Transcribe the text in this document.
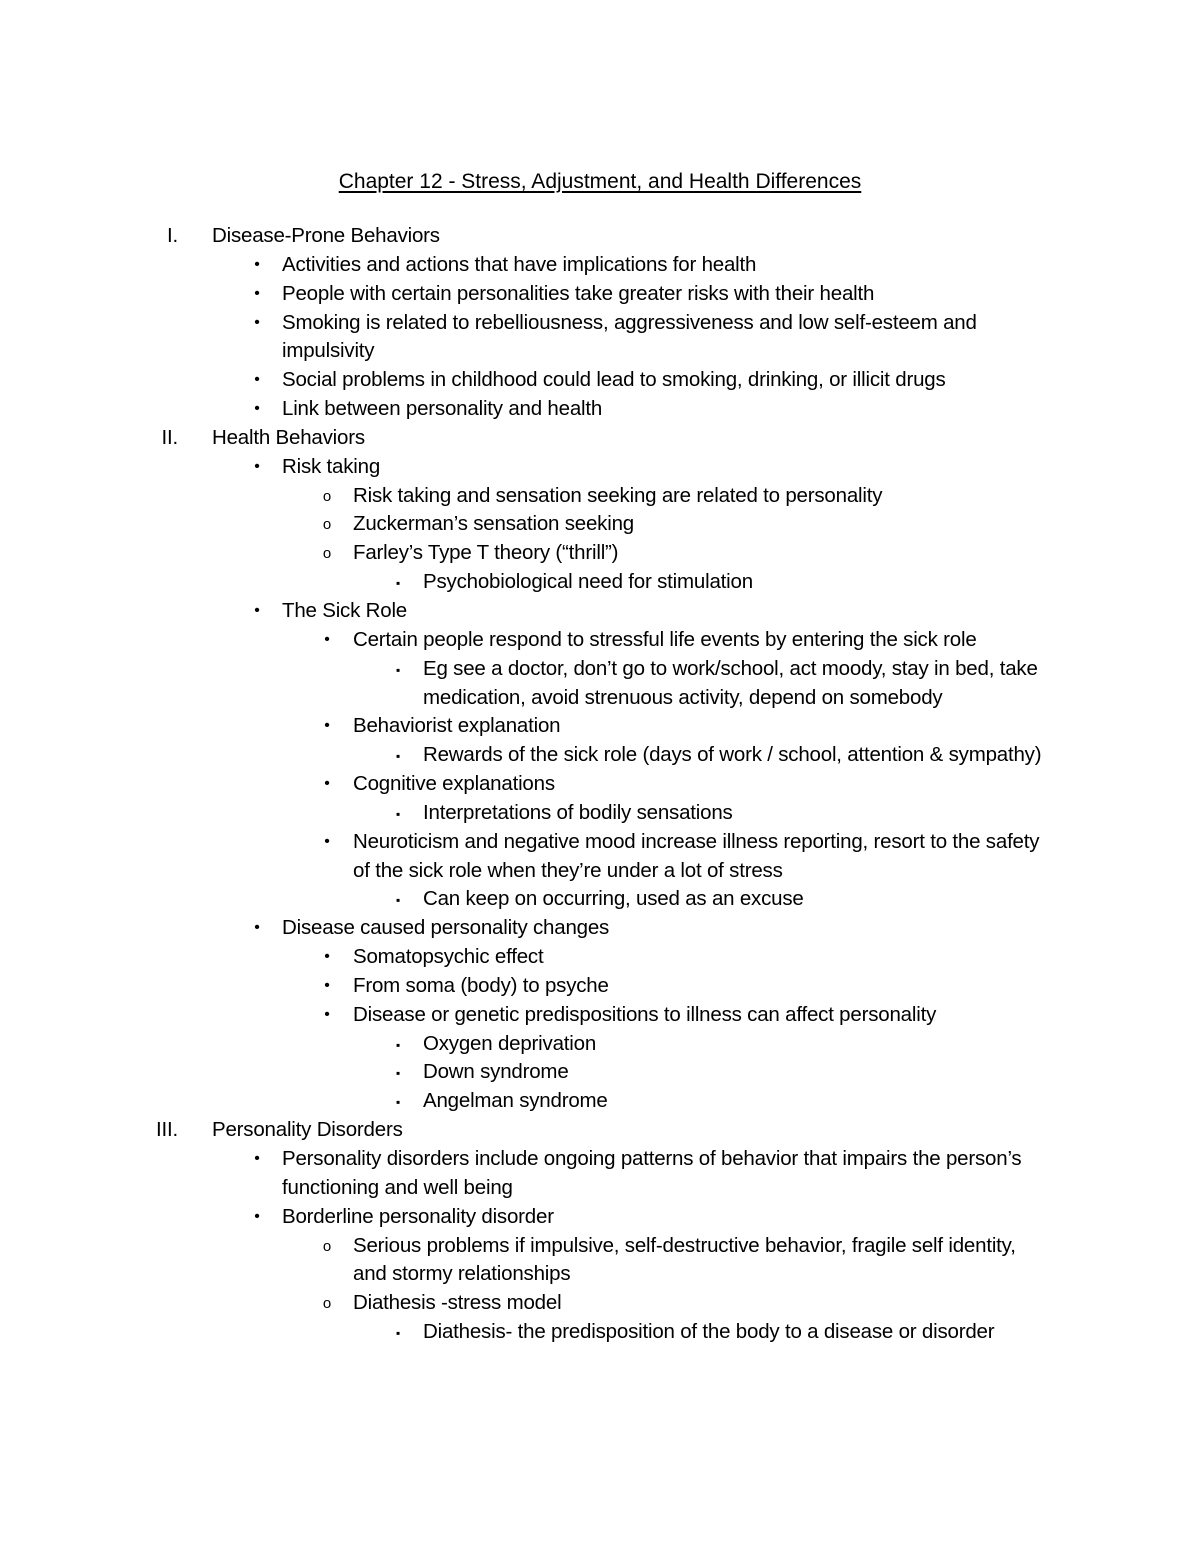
Chapter 12 - Stress, Adjustment, and Health Differences
I. Disease-Prone Behaviors
• Activities and actions that have implications for health
• People with certain personalities take greater risks with their health
• Smoking is related to rebelliousness, aggressiveness and low self-esteem and impulsivity
• Social problems in childhood could lead to smoking, drinking, or illicit drugs
• Link between personality and health
II. Health Behaviors
• Risk taking
o Risk taking and sensation seeking are related to personality
o Zuckerman’s sensation seeking
o Farley’s Type T theory (“thrill”)
▪ Psychobiological need for stimulation
• The Sick Role
• Certain people respond to stressful life events by entering the sick role
▪ Eg see a doctor, don’t go to work/school, act moody, stay in bed, take medication, avoid strenuous activity, depend on somebody
• Behaviorist explanation
▪ Rewards of the sick role (days of work / school, attention & sympathy)
• Cognitive explanations
▪ Interpretations of bodily sensations
• Neuroticism and negative mood increase illness reporting, resort to the safety of the sick role when they’re under a lot of stress
▪ Can keep on occurring, used as an excuse
• Disease caused personality changes
• Somatopsychic effect
• From soma (body) to psyche
• Disease or genetic predispositions to illness can affect personality
▪ Oxygen deprivation
▪ Down syndrome
▪ Angelman syndrome
III. Personality Disorders
• Personality disorders include ongoing patterns of behavior that impairs the person’s functioning and well being
• Borderline personality disorder
o Serious problems if impulsive, self-destructive behavior, fragile self identity, and stormy relationships
o Diathesis -stress model
▪ Diathesis- the predisposition of the body to a disease or disorder
